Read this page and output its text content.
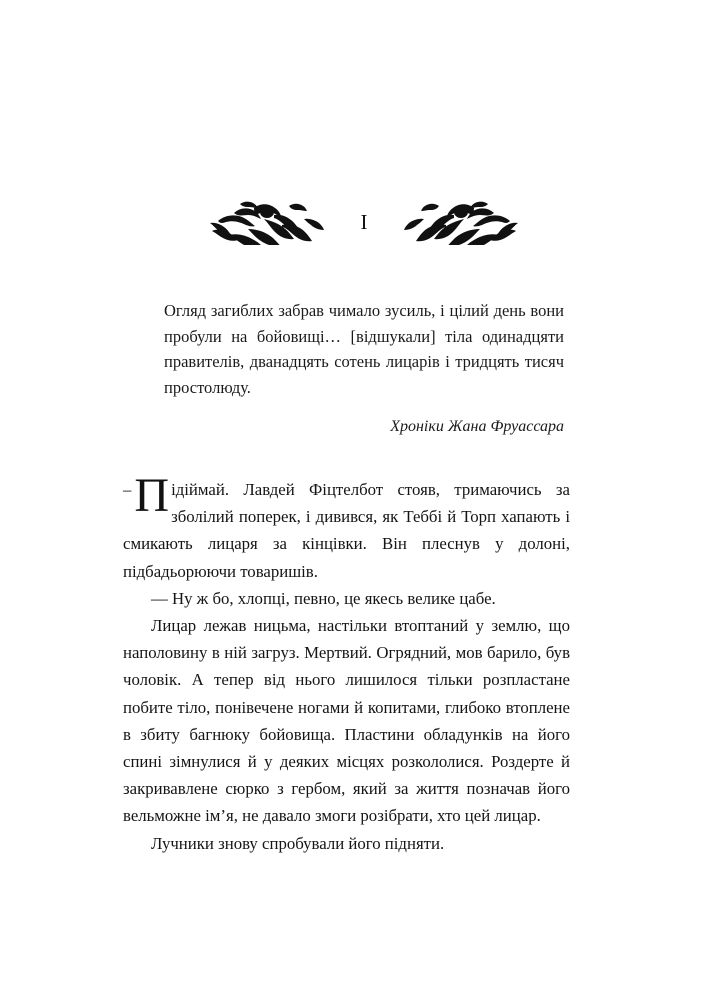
I

Огляд загиблих забрав чимало зусиль, і цілий день вони пробули на бойовищі… [відшукали] тіла одинадцяти правителів, дванадцять сотень лицарів і тридцять тисяч простолюду.

Хроніки Жана Фруассара

– П ідіймай. Лавдей Фіцтелбот стояв, тримаючись за зболілий поперек, і дивився, як Теббі й Торп хапають і смикають лицаря за кінцівки. Він плеснув у долоні, підбадьорюючи товаришів.

— Ну ж бо, хлопці, певно, це якесь велике цабе.

Лицар лежав ницьма, настільки втоптаний у землю, що наполовину в ній загруз. Мертвий. Огрядний, мов барило, був чоловік. А тепер від нього лишилося тільки розпластане побите тіло, понівечене ногами й копитами, глибоко втоплене в збиту багнюку бойовища. Пластини обладунків на його спині зімнулися й у деяких місцях розкололися. Роздерте й закривавлене сюрко з гербом, який за життя позначав його вельможне ім’я, не давало змоги розібрати, хто цей лицар.

Лучники знову спробували його підняти.
